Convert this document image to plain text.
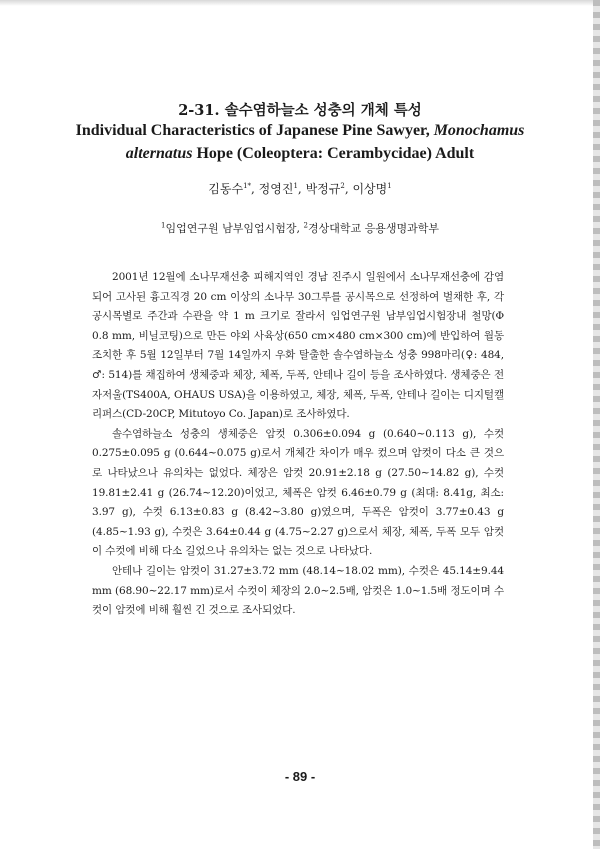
2-31. 솔수염하늘소 성충의 개체 특성
Individual Characteristics of Japanese Pine Sawyer, Monochamus
alternatus Hope (Coleoptera: Cerambycidae) Adult
김동수$^{1*}$, 정영진$^1$, 박정규$^2$, 이상명$^1$
$^1$임업연구원 남부임업시험장, $^2$경상대학교 응용생명과학부

2001년 12월에 소나무재선충 피해지역인 경남 진주시 일원에서 소나무재선충에 감염되어 고사된 흉고직경 20 cm 이상의 소나무 30그루를 공시목으로 선정하여 벌채한 후, 각 공시목별로 주간과 수관을 약 1 m 크기로 잘라서 임업연구원 남부임업시험장내 철망(Φ 0.8 mm, 비닐코팅)으로 만든 야외 사육상(650 cm×480 cm×300 cm)에 반입하여 월동 조치한 후 5월 12일부터 7월 14일까지 우화 탈출한 솔수염하늘소 성충 998마리(♀: 484, ♂: 514)를 채집하여 생체중과 체장, 체폭, 두폭, 안테나 길이 등을 조사하였다. 생체중은 전자저울(TS400A, OHAUS USA)을 이용하였고, 체장, 체폭, 두폭, 안테나 길이는 디지털캘리퍼스(CD-20CP, Mitutoyo Co. Japan)로 조사하였다.

솔수염하늘소 성충의 생체중은 암컷 0.306±0.094 g (0.640∼0.113 g), 수컷 0.275±0.095 g (0.644∼0.075 g)로서 개체간 차이가 매우 컸으며 암컷이 다소 큰 것으로 나타났으나 유의차는 없었다. 체장은 암컷 20.91±2.18 g (27.50∼14.82 g), 수컷 19.81±2.41 g (26.74∼12.20)이었고, 체폭은 암컷 6.46±0.79 g (최대: 8.41g, 최소: 3.97 g), 수컷 6.13±0.83 g (8.42∼3.80 g)였으며, 두폭은 암컷이 3.77±0.43 g (4.85∼1.93 g), 수컷은 3.64±0.44 g (4.75∼2.27 g)으로서 체장, 체폭, 두폭 모두 암컷이 수컷에 비해 다소 길었으나 유의차는 없는 것으로 나타났다.

안테나 길이는 암컷이 31.27±3.72 mm (48.14∼18.02 mm), 수컷은 45.14±9.44 mm (68.90∼22.17 mm)로서 수컷이 체장의 2.0∼2.5배, 암컷은 1.0∼1.5배 정도이며 수컷이 암컷에 비해 훨씬 긴 것으로 조사되었다.

- 89 -
